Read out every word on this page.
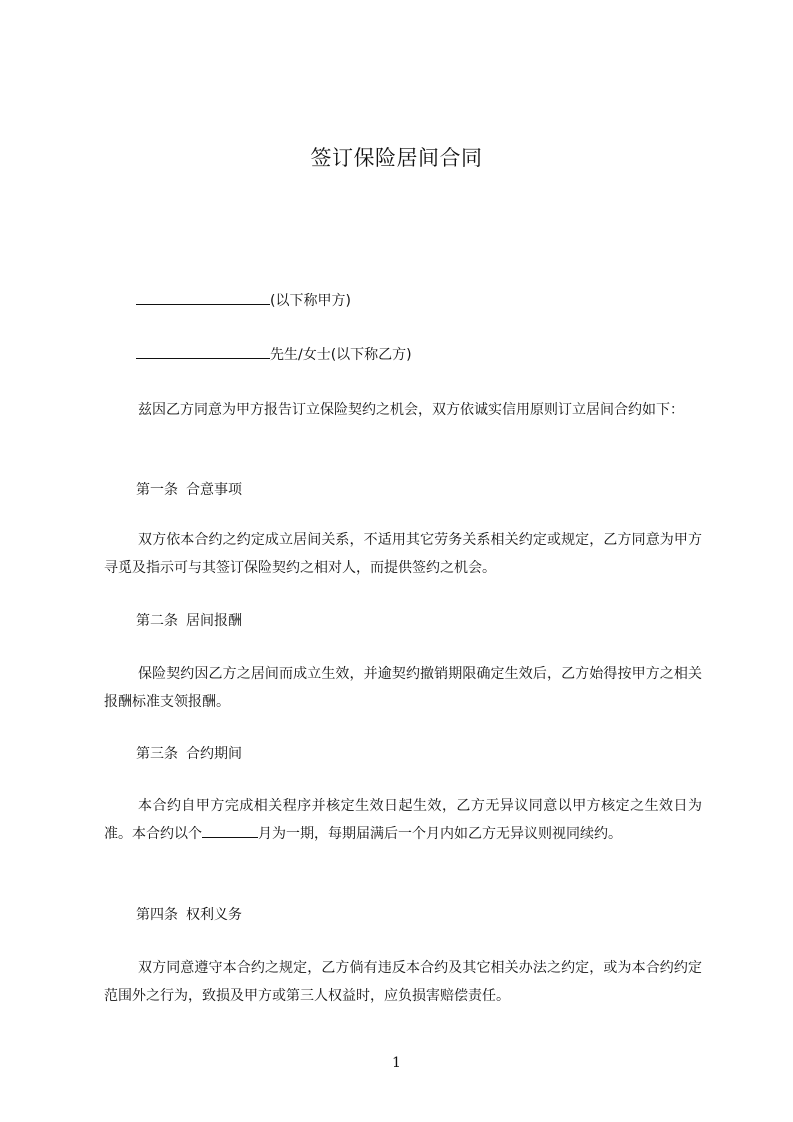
签订保险居间合同
(以下称甲方)
先生/女士(以下称乙方)
兹因乙方同意为甲方报告订立保险契约之机会，双方依诚实信用原则订立居间合约如下：
第一条 合意事项
双方依本合约之约定成立居间关系，不适用其它劳务关系相关约定或规定，乙方同意为甲方寻觅及指示可与其签订保险契约之相对人，而提供签约之机会。
第二条 居间报酬
保险契约因乙方之居间而成立生效，并逾契约撤销期限确定生效后，乙方始得按甲方之相关报酬标准支领报酬。
第三条 合约期间
本合约自甲方完成相关程序并核定生效日起生效，乙方无异议同意以甲方核定之生效日为准。本合约以个	月为一期，每期届满后一个月内如乙方无异议则视同续约。
第四条 权利义务
双方同意遵守本合约之规定，乙方倘有违反本合约及其它相关办法之约定，或为本合约约定范围外之行为，致损及甲方或第三人权益时，应负损害赔偿责任。
1
